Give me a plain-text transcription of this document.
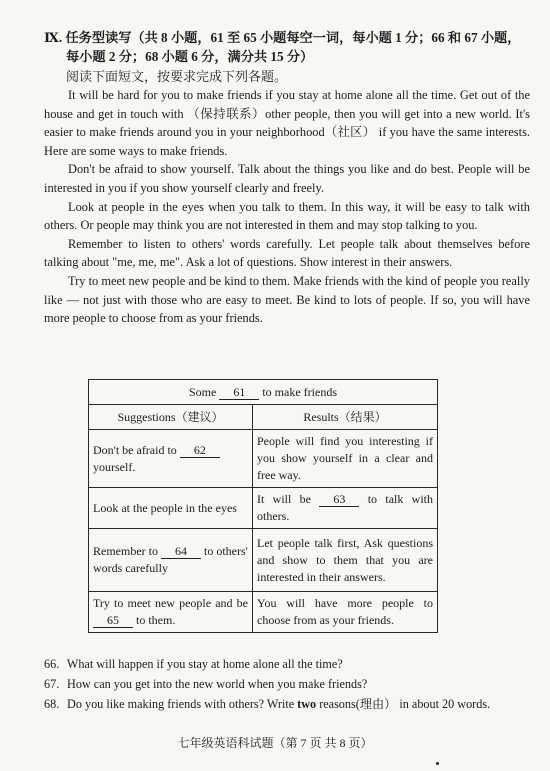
Ⅸ. 任务型读写（共 8 小题，61 至 65 小题每空一词，每小题 1 分；66 和 67 小题，
每小题 2 分；68 小题 6 分，满分共 15 分）
阅读下面短文，按要求完成下列各题。

It will be hard for you to make friends if you stay at home alone all the time. Get out of the house and get in touch with （保持联系）other people, then you will get into a new world. It's easier to make friends around you in your neighborhood（社区） if you have the same interests. Here are some ways to make friends.

Don't be afraid to show yourself. Talk about the things you like and do best. People will be interested in you if you show yourself clearly and freely.

Look at people in the eyes when you talk to them. In this way, it will be easy to talk with others. Or people may think you are not interested in them and may stop talking to you.

Remember to listen to others' words carefully. Let people talk about themselves before talking about "me, me, me". Ask a lot of questions. Show interest in their answers.

Try to meet new people and be kind to them. Make friends with the kind of people you really like — not just with those who are easy to meet. Be kind to lots of people. If so, you will have more people to choose from as your friends.

Some 61 to make friends	
Suggestions（建议）	Results（结果）
Don't be afraid to 62
yourself.	People will find you interesting if you show yourself in a clear and free way.
Look at the people in the eyes	It will be 63 to talk with others.
Remember to 64 to others' words carefully	Let people talk first, Ask questions and show to them that you are interested in their answers.
Try to meet new people and be 65 to them.	You will have more people to choose from as your friends.
66. What will happen if you stay at home alone all the time?
67. How can you get into the new world when you make friends?
68. Do you like making friends with others? Write two reasons(理由） in about 20 words.
七年级英语科试题（第 7 页 共 8 页）
